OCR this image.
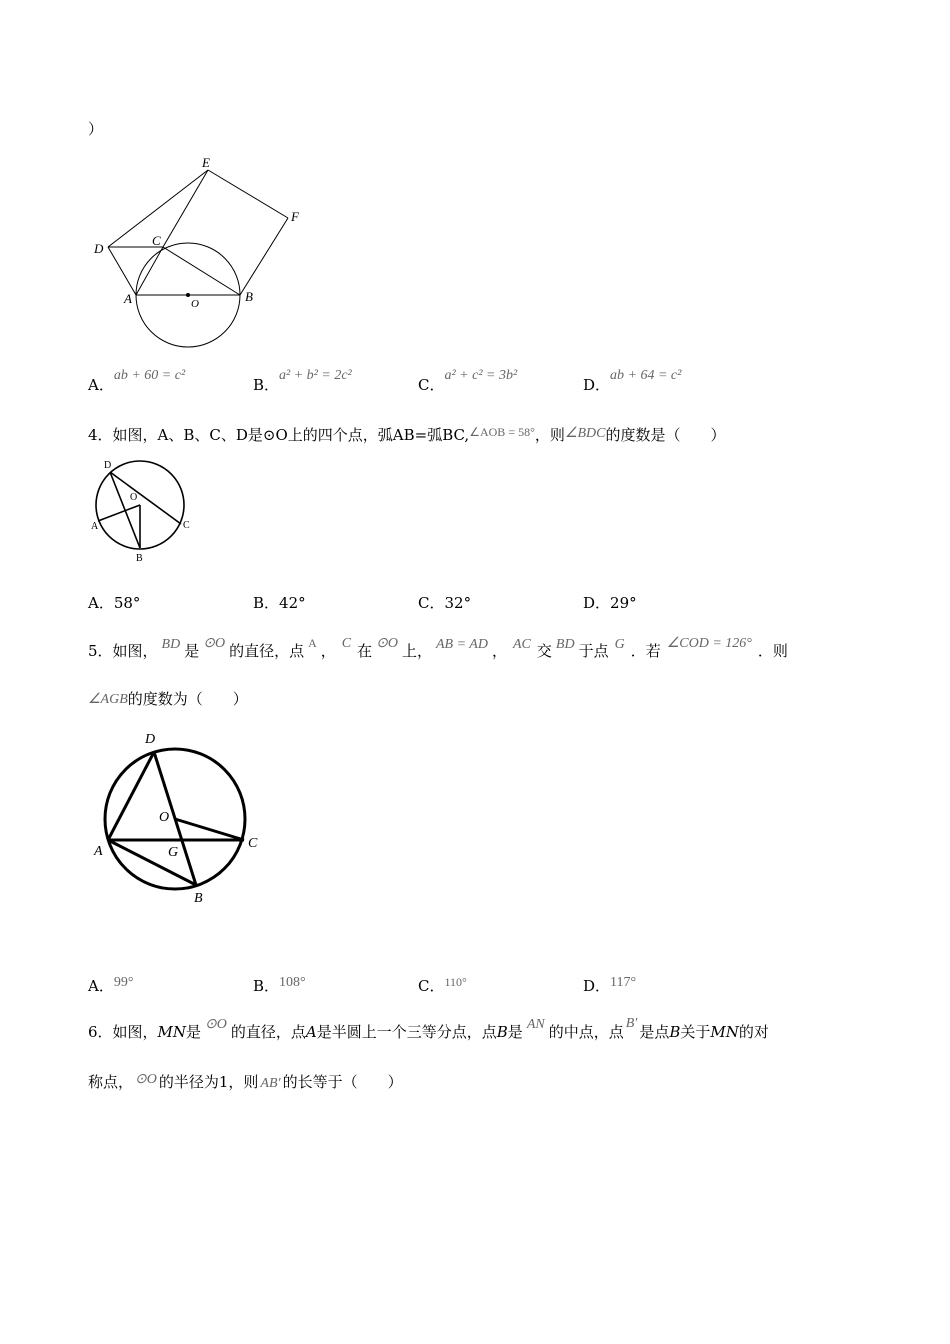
）
E
F
D
C
A	O	B
A．ab + 60 = c²
B．a² + b² = 2c²
C．a² + c² = 3b²
D．ab + 64 = c²
4．如图，A、B、C、D是⊙O上的四个点，弧AB=弧BC,$^{\angle AOB = 58^\circ}$，则∠BDC的度数是（　　）
D
O
A
B
C
A．58°	B．42°	C．32°	D．29°
5．如图， BD 是 ⊙O 的直径，点 $^A$ ， C 在 ⊙O 上， AB = AD ， AC 交 BD 于点 G ．若 ∠COD = 126° ．则
∠AGB的度数为（　　）
D
O
A	G
C
B
A．99°	B．108°	C．$^{110^\circ}$	D．117°
6．如图，MN是 ⊙O 的直径，点A是半圆上一个三等分点，点B是 AN 的中点，点 B′ 是点B关于MN的对
称点， ⊙O 的半径为1，则 AB′ 的长等于（　　）
